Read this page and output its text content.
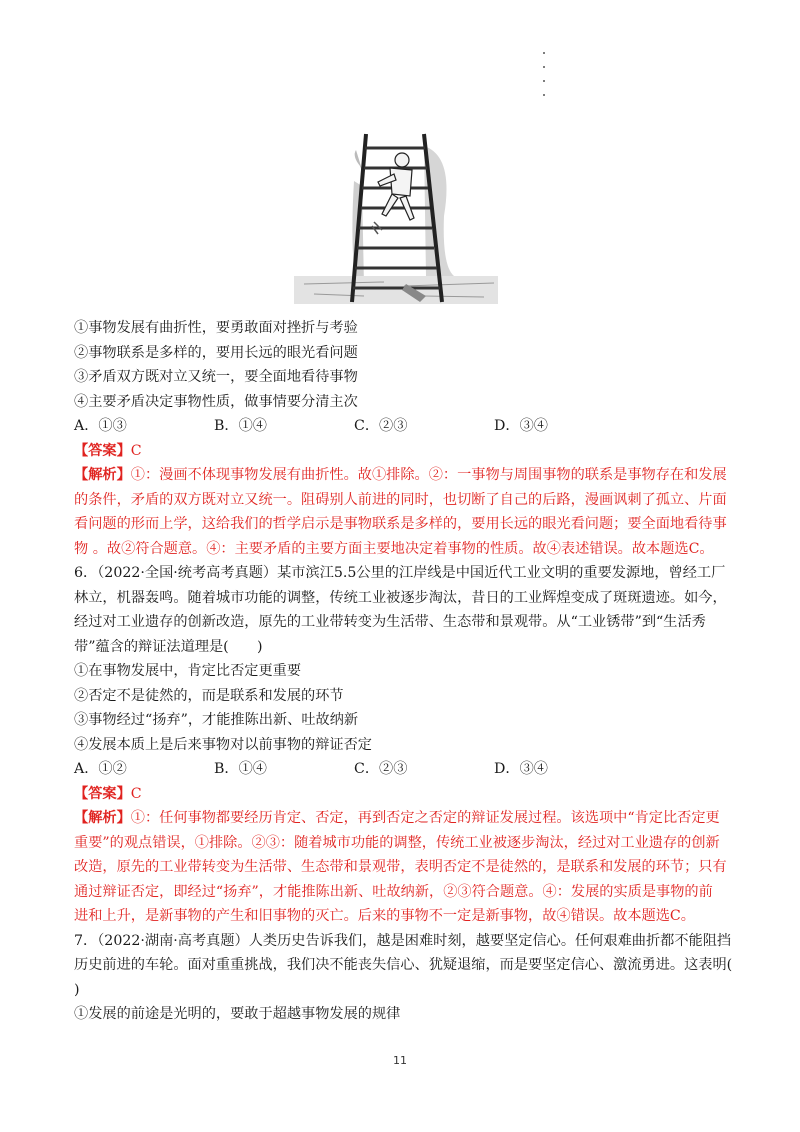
①事物发展有曲折性，要勇敢面对挫折与考验
②事物联系是多样的，要用长远的眼光看问题
③矛盾双方既对立又统一，要全面地看待事物
④主要矛盾决定事物性质，做事情要分清主次
A．①③	B．①④	C．②③	D．③④
【答案】C
【解析】①：漫画不体现事物发展有曲折性。故①排除。②：一事物与周围事物的联系是事物存在和发展
的条件，矛盾的双方既对立又统一。阻碍别人前进的同时，也切断了自己的后路，漫画讽刺了孤立、片面
看问题的形而上学，这给我们的哲学启示是事物联系是多样的，要用长远的眼光看问题；要全面地看待事
物 。故②符合题意。④：主要矛盾的主要方面主要地决定着事物的性质。故④表述错误。故本题选C。
6．（2022·全国·统考高考真题）某市滨江5.5公里的江岸线是中国近代工业文明的重要发源地，曾经工厂
林立，机器轰鸣。随着城市功能的调整，传统工业被逐步淘汰，昔日的工业辉煌变成了斑斑遗迹。如今，
经过对工业遗存的创新改造，原先的工业带转变为生活带、生态带和景观带。从“工业锈带”到“生活秀
带”蕴含的辩证法道理是(　　)
①在事物发展中，肯定比否定更重要
②否定不是徒然的，而是联系和发展的环节
③事物经过“扬弃”，才能推陈出新、吐故纳新
④发展本质上是后来事物对以前事物的辩证否定
A．①②	B．①④	C．②③	D．③④
【答案】C
【解析】①：任何事物都要经历肯定、否定，再到否定之否定的辩证发展过程。该选项中“肯定比否定更
重要”的观点错误，①排除。②③：随着城市功能的调整，传统工业被逐步淘汰，经过对工业遗存的创新
改造，原先的工业带转变为生活带、生态带和景观带，表明否定不是徒然的，是联系和发展的环节；只有
通过辩证否定，即经过“扬弃”，才能推陈出新、吐故纳新，②③符合题意。④：发展的实质是事物的前
进和上升，是新事物的产生和旧事物的灭亡。后来的事物不一定是新事物，故④错误。故本题选C。
7．（2022·湖南·高考真题）人类历史告诉我们，越是困难时刻，越要坚定信心。任何艰难曲折都不能阻挡
历史前进的车轮。面对重重挑战，我们决不能丧失信心、犹疑退缩，而是要坚定信心、激流勇进。这表明(
)
①发展的前途是光明的，要敢于超越事物发展的规律
11
